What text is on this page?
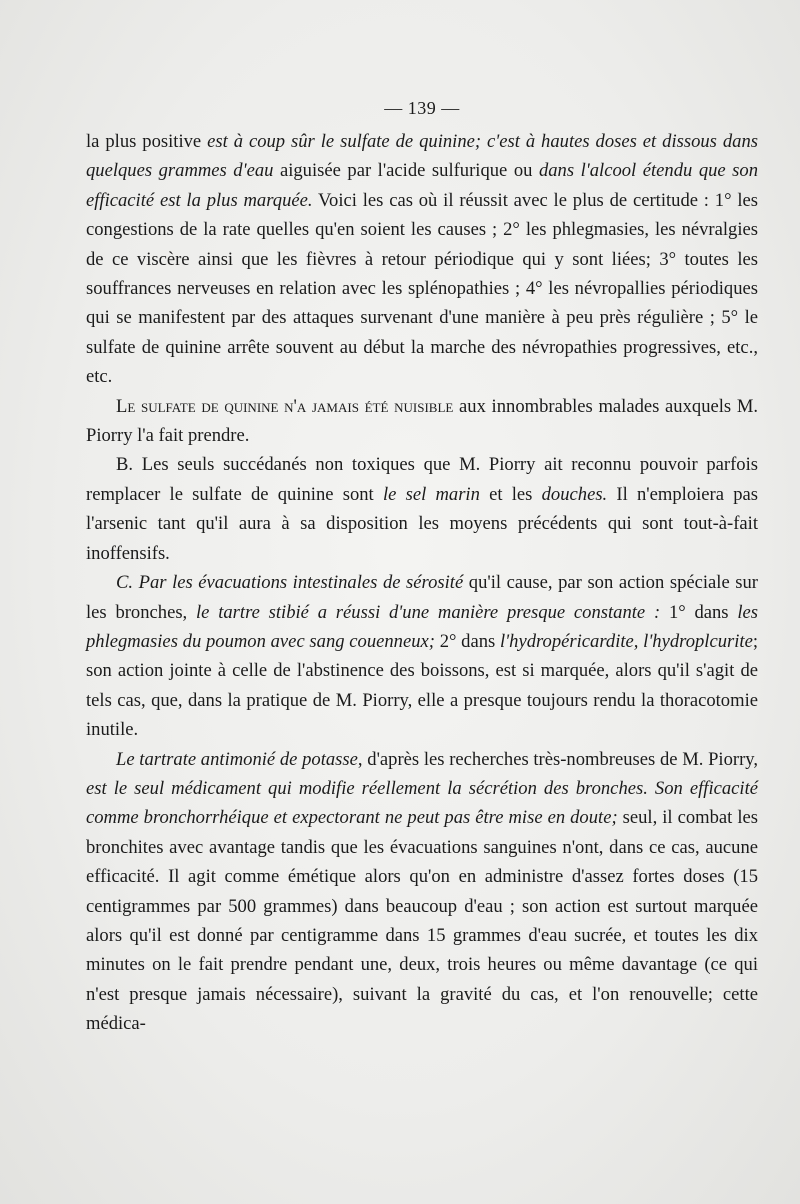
— 139 —

la plus positive est à coup sûr le sulfate de quinine; c'est à hautes doses et dissous dans quelques grammes d'eau aiguisée par l'acide sulfurique ou dans l'alcool étendu que son efficacité est la plus marquée. Voici les cas où il réussit avec le plus de certitude : 1° les congestions de la rate quelles qu'en soient les causes ; 2° les phlegmasies, les névralgies de ce viscère ainsi que les fièvres à retour périodique qui y sont liées; 3° toutes les souffrances nerveuses en relation avec les splénopathies ; 4° les névropallies périodiques qui se manifestent par des attaques survenant d'une manière à peu près régulière ; 5° le sulfate de quinine arrête souvent au début la marche des névropathies progressives, etc., etc.

Le sulfate de quinine n'a jamais été nuisible aux innombrables malades auxquels M. Piorry l'a fait prendre.

B. Les seuls succédanés non toxiques que M. Piorry ait reconnu pouvoir parfois remplacer le sulfate de quinine sont le sel marin et les douches. Il n'emploiera pas l'arsenic tant qu'il aura à sa disposition les moyens précédents qui sont tout-à-fait inoffensifs.

C. Par les évacuations intestinales de sérosité qu'il cause, par son action spéciale sur les bronches, le tartre stibié a réussi d'une manière presque constante : 1° dans les phlegmasies du poumon avec sang couenneux; 2° dans l'hydropéricardite, l'hydroplcurite; son action jointe à celle de l'abstinence des boissons, est si marquée, alors qu'il s'agit de tels cas, que, dans la pratique de M. Piorry, elle a presque toujours rendu la thoracotomie inutile.

Le tartrate antimonié de potasse, d'après les recherches très-nombreuses de M. Piorry, est le seul médicament qui modifie réellement la sécrétion des bronches. Son efficacité comme bronchorrhéique et expectorant ne peut pas être mise en doute; seul, il combat les bronchites avec avantage tandis que les évacuations sanguines n'ont, dans ce cas, aucune efficacité. Il agit comme émétique alors qu'on en administre d'assez fortes doses (15 centigrammes par 500 grammes) dans beaucoup d'eau ; son action est surtout marquée alors qu'il est donné par centigramme dans 15 grammes d'eau sucrée, et toutes les dix minutes on le fait prendre pendant une, deux, trois heures ou même davantage (ce qui n'est presque jamais nécessaire), suivant la gravité du cas, et l'on renouvelle; cette médica-
